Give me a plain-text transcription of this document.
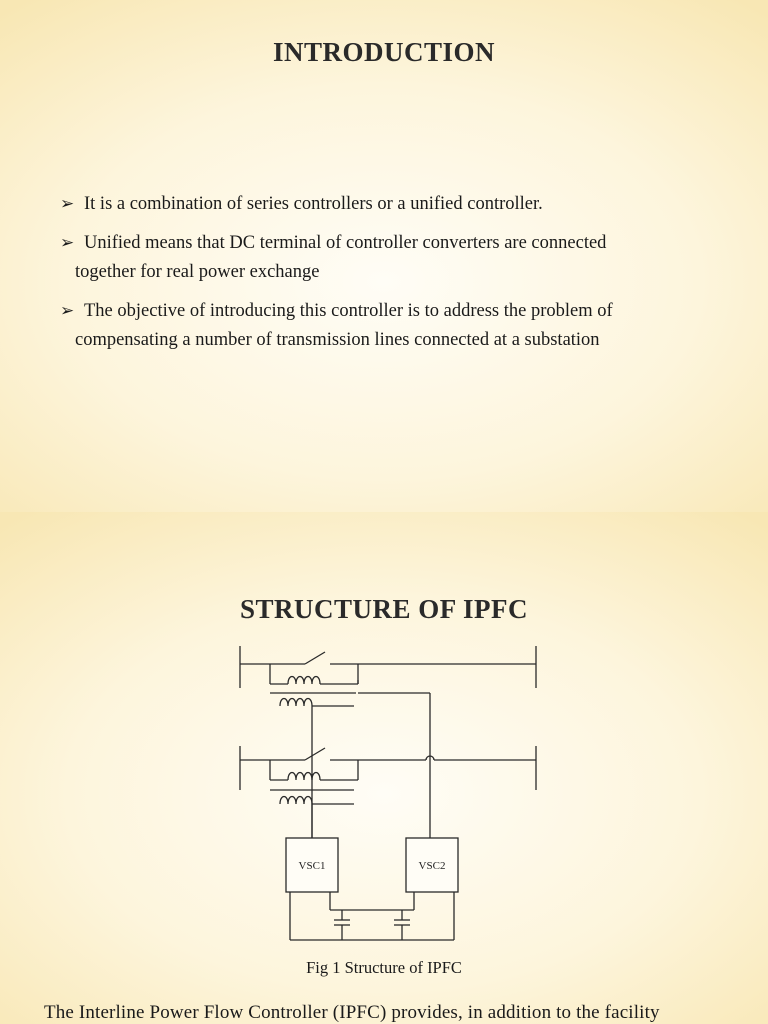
INTRODUCTION
➢ It is a combination of series controllers or a unified controller.
➢ Unified means that DC terminal of controller converters are connected
together for real power exchange
➢ The objective of introducing this controller is to address the problem of
compensating a number of transmission lines connected at a substation
STRUCTURE OF IPFC
VSC1	VSC2
Fig 1 Structure of IPFC
The Interline Power Flow Controller (IPFC) provides, in addition to the facility
